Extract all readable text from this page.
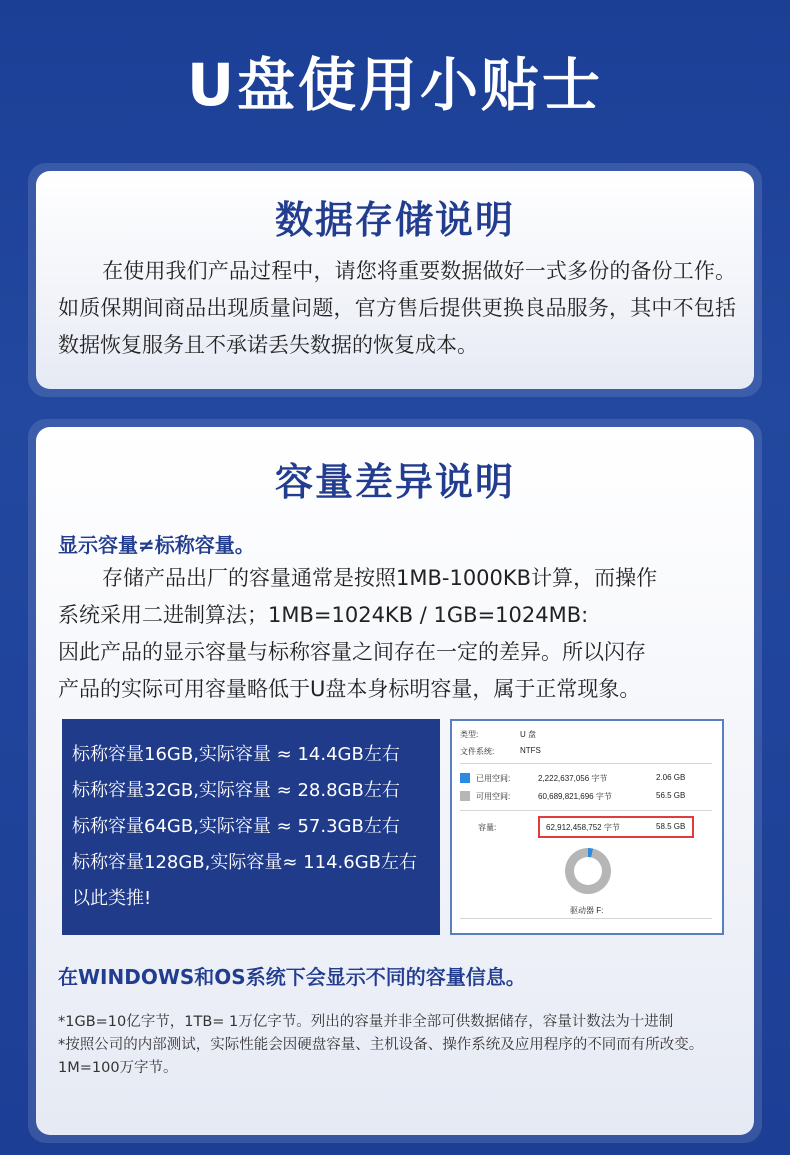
U盘使用小贴士
数据存储说明
在使用我们产品过程中，请您将重要数据做好一式多份的备份工作。如质保期间商品出现质量问题，官方售后提供更换良品服务，其中不包括数据恢复服务且不承诺丢失数据的恢复成本。
容量差异说明
显示容量≠标称容量。
存储产品出厂的容量通常是按照1MB-1000KB计算，而操作
系统采用二进制算法；1MB=1024KB / 1GB=1024MB:
因此产品的显示容量与标称容量之间存在一定的差异。所以闪存
产品的实际可用容量略低于U盘本身标明容量，属于正常现象。
标称容量16GB,实际容量 ≈ 14.4GB左右
标称容量32GB,实际容量 ≈ 28.8GB左右
标称容量64GB,实际容量 ≈ 57.3GB左右
标称容量128GB,实际容量≈ 114.6GB左右
以此类推!
类型:	U 盘
文件系统:	NTFS
已用空间:	2,222,637,056 字节	2.06 GB
可用空间:	60,689,821,696 字节	56.5 GB
容量:	62,912,458,752 字节	58.5 GB
驱动器 F:
在WINDOWS和OS系统下会显示不同的容量信息。

*1GB=10亿字节，1TB= 1万亿字节。列出的容量并非全部可供数据储存，容量计数法为十进制

*按照公司的内部测试，实际性能会因硬盘容量、主机设备、操作系统及应用程序的不同而有所改变。1M=100万字节。
